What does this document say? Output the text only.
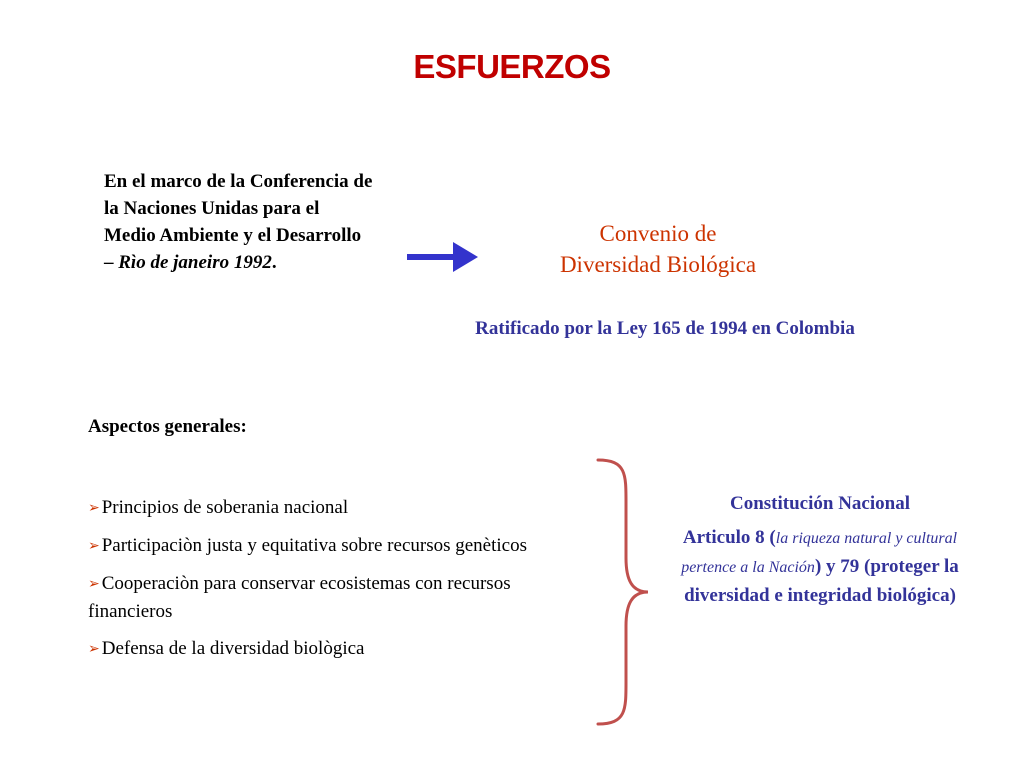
ESFUERZOS
En el marco de la Conferencia de la Naciones Unidas para el Medio Ambiente y el Desarrollo – Rìo de janeiro 1992.
Convenio de
Diversidad Biológica
Ratificado por la Ley 165 de 1994 en Colombia
Aspectos generales:
➢ Principios de soberania nacional
➢ Participaciòn justa y equitativa sobre recursos genèticos
➢ Cooperaciòn para conservar ecosistemas con recursos financieros
➢ Defensa de la diversidad biològica
Constitución Nacional
Articulo 8 (la riqueza natural y cultural pertence a la Nación) y 79 (proteger la diversidad e integridad biológica)
